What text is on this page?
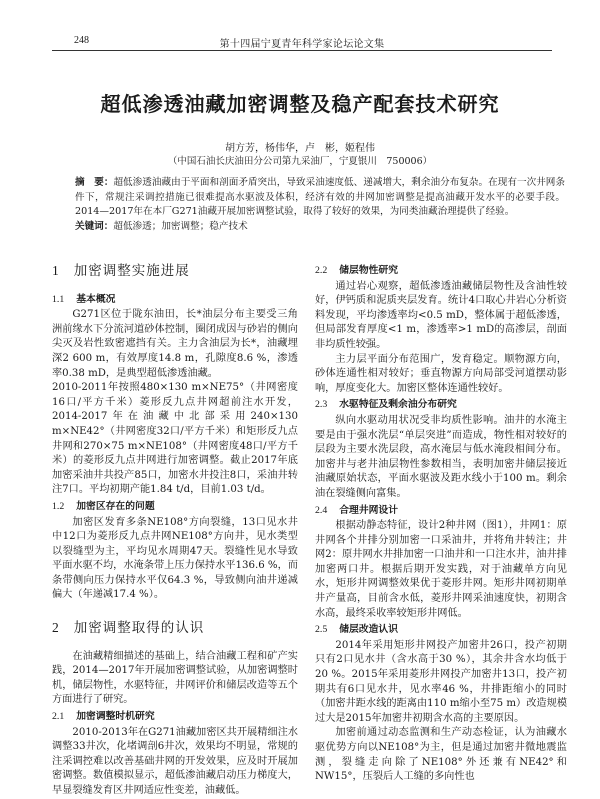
248	第十四届宁夏青年科学家论坛论文集
超低渗透油藏加密调整及稳产配套技术研究
胡方芳，杨伟华，卢　彬，姬程伟
（中国石油长庆油田分公司第九采油厂，宁夏银川　750006）
摘　要：超低渗透油藏由于平面和剖面矛盾突出，导致采油速度低、递减增大，剩余油分布复杂。在现有一次井网条件下，常规注采调控措施已很难提高水驱波及体积，经济有效的井网加密调整是提高油藏开发水平的必要手段。2014—2017年在本厂G271油藏开展加密调整试验，取得了较好的效果，为同类油藏治理提供了经验。
关键词：超低渗透；加密调整；稳产技术
1 加密调整实施进展
1.1 基本概况

G271区位于陇东油田，长*油层分布主要受三角洲前缘水下分流河道砂体控制，圈闭成因与砂岩的侧向尖灭及岩性致密遮挡有关。主力含油层为长*，油藏埋深2 600 m，有效厚度14.8 m，孔隙度8.6 %，渗透率0.38 mD，是典型超低渗透油藏。

2010-2011年按照480×130 m×NE75°（井网密度16口/平方千米）菱形反九点井网超前注水开发，2014-2017年在油藏中北部采用240×130 m×NE42°（井网密度32口/平方千米）和矩形反九点井网和270×75 m×NE108°（井网密度48口/平方千米）的菱形反九点井网进行加密调整。截止2017年底加密采油井共投产85口，加密水井投注8口，采油井转注7口。平均初期产能1.84 t/d，目前1.03 t/d。

1.2 加密区存在的问题

加密区发育多条NE108°方向裂缝，13口见水井中12口为菱形反九点井网NE108°方向井，见水类型以裂缝型为主，平均见水周期47天。裂缝性见水导致平面水驱不均，水淹条带上压力保持水平136.6 %，而条带侧向压力保持水平仅64.3 %，导致侧向油井递减偏大（年递减17.4 %）。

2 加密调整取得的认识

在油藏精细描述的基础上，结合油藏工程和矿产实践，2014—2017年开展加密调整试验，从加密调整时机，储层物性，水驱特征，井网评价和储层改造等五个方面进行了研究。

2.1 加密调整时机研究

2010-2013年在G271油藏加密区共开展精细注水调整33井次，化堵调剖6井次，效果均不明显，常规的注采调控难以改善基础井网的开发效果，应及时开展加密调整。数值模拟显示，超低渗油藏启动压力梯度大，早显裂缝发育区井网适应性变差，油藏低。

2.2 储层物性研究

通过岩心观察，超低渗透油藏储层物性及含油性较好，伊钙质和泥质夹层发育。统计4口取心井岩心分析资料发现，平均渗透率均<0.5 mD，整体属于超低渗透，但局部发育厚度<1 m，渗透率>1 mD的高渗层，剖面非均质性较强。

主力层平面分布范围广，发育稳定。顺物源方向，砂体连通性相对较好；垂直物源方向局部受河道摆动影响，厚度变化大。加密区整体连通性较好。

2.3 水驱特征及剩余油分布研究

纵向水驱动用状况受非均质性影响。油井的水淹主要是由于强水洗层“单层突进”而造成，物性相对较好的层段为主要水洗层段，高水淹层与低水淹段相间分布。加密井与老井油层物性参数相当，表明加密井储层接近油藏原始状态，平面水驱波及距水线小于100 m。剩余油在裂缝侧向富集。

2.4 合理井网设计

根据动静态特征，设计2种井网（图1），井网1：原井网各个井排分别加密一口采油井，并将角井转注；井网2：原井网水井排加密一口油井和一口注水井，油井排加密两口井。根据后期开发实践，对于油藏单方向见水，矩形井网调整效果优于菱形井网。矩形井网初期单井产量高，目前含水低，菱形井网采油速度快，初期含水高，最终采收率较矩形井网低。

2.5 储层改造认识

2014年采用矩形井网投产加密井26口，投产初期只有2口见水井（含水高于30 %），其余井含水均低于20 %。2015年采用菱形井网投产加密井13口，投产初期共有6口见水井，见水率46 %，井排距缩小的同时（加密井距水线的距离由110 m缩小至75 m）改造规模过大是2015年加密井初期含水高的主要原因。

加密前通过动态监测和生产动态检证，认为油藏水驱优势方向以NE108°为主，但是通过加密井微地震监测，裂缝走向除了NE108°外还兼有NE42°和NW15°，压裂后人工缝的多向性也
